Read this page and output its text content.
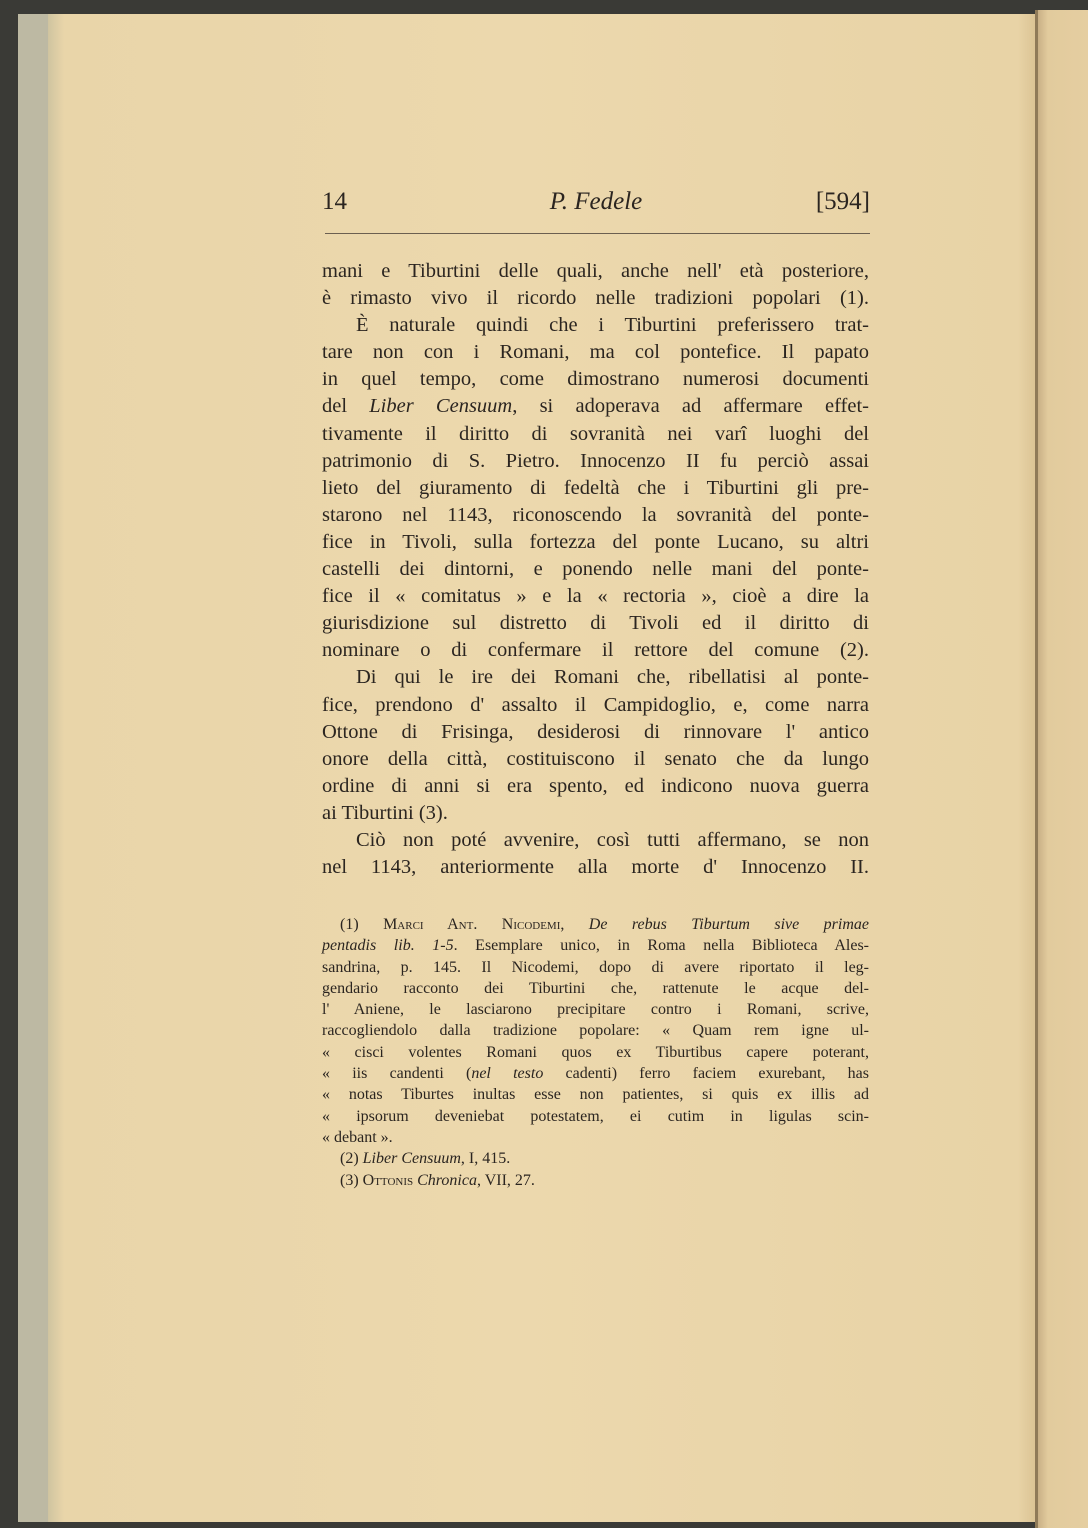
14	P. Fedele	[594]
mani e Tiburtini delle quali, anche nell' età posteriore,
è rimasto vivo il ricordo nelle tradizioni popolari (1).
È naturale quindi che i Tiburtini preferissero trat-
tare non con i Romani, ma col pontefice. Il papato
in quel tempo, come dimostrano numerosi documenti
del Liber Censuum, si adoperava ad affermare effet-
tivamente il diritto di sovranità nei varî luoghi del
patrimonio di S. Pietro. Innocenzo II fu perciò assai
lieto del giuramento di fedeltà che i Tiburtini gli pre-
starono nel 1143, riconoscendo la sovranità del ponte-
fice in Tivoli, sulla fortezza del ponte Lucano, su altri
castelli dei dintorni, e ponendo nelle mani del ponte-
fice il « comitatus » e la « rectoria », cioè a dire la
giurisdizione sul distretto di Tivoli ed il diritto di
nominare o di confermare il rettore del comune (2).
Di qui le ire dei Romani che, ribellatisi al ponte-
fice, prendono d' assalto il Campidoglio, e, come narra
Ottone di Frisinga, desiderosi di rinnovare l' antico
onore della città, costituiscono il senato che da lungo
ordine di anni si era spento, ed indicono nuova guerra
ai Tiburtini (3).
Ciò non poté avvenire, così tutti affermano, se non
nel 1143, anteriormente alla morte d' Innocenzo II.
(1) Marci Ant. Nicodemi, De rebus Tiburtum sive primae
pentadis lib. 1-5. Esemplare unico, in Roma nella Biblioteca Ales-
sandrina, p. 145. Il Nicodemi, dopo di avere riportato il leg-
gendario racconto dei Tiburtini che, rattenute le acque del-
l' Aniene, le lasciarono precipitare contro i Romani, scrive,
raccogliendolo dalla tradizione popolare: « Quam rem igne ul-
« cisci volentes Romani quos ex Tiburtibus capere poterant,
« iis candenti (nel testo cadenti) ferro faciem exurebant, has
« notas Tiburtes inultas esse non patientes, si quis ex illis ad
« ipsorum deveniebat potestatem, ei cutim in ligulas scin-
« debant ».
(2) Liber Censuum, I, 415.
(3) Ottonis Chronica, VII, 27.
